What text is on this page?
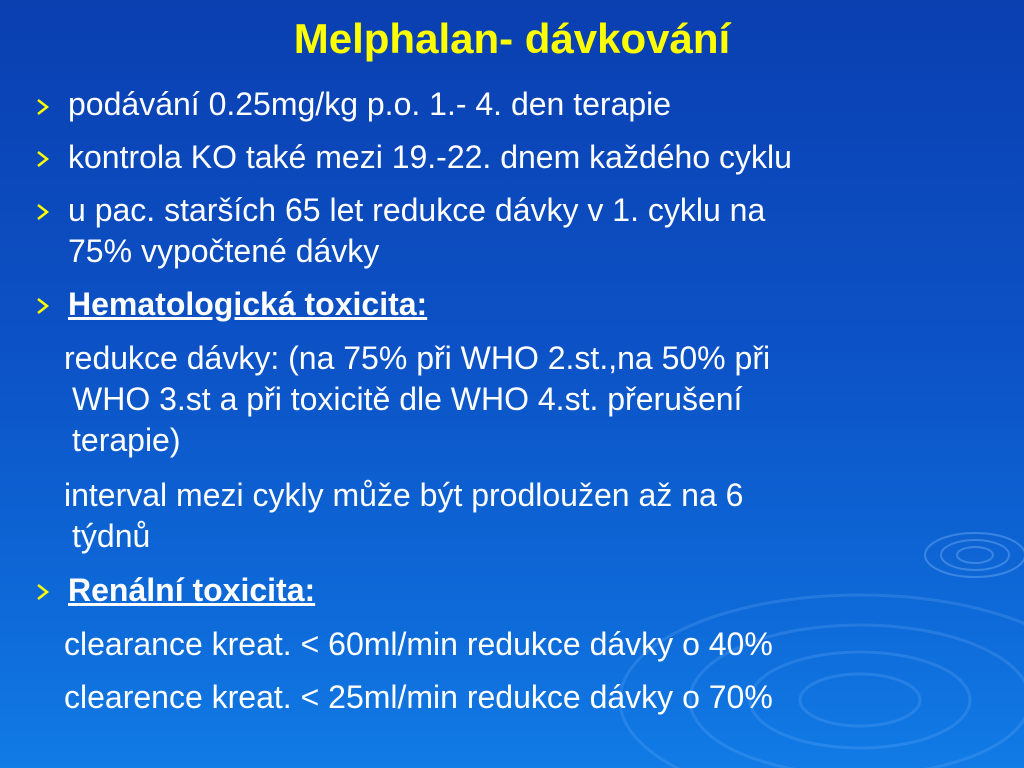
Melphalan- dávkování
podávání 0.25mg/kg p.o. 1.- 4. den terapie
kontrola KO také mezi 19.-22. dnem každého cyklu
u pac. starších 65 let redukce dávky v 1. cyklu na
75% vypočtené dávky
Hematologická toxicita:
redukce dávky: (na 75% při WHO 2.st.,na 50% při
WHO 3.st a při toxicitě dle WHO 4.st. přerušení
terapie)
interval mezi cykly může být prodloužen až na 6
týdnů
Renální toxicita:
clearance kreat. < 60ml/min redukce dávky o 40%
clearence kreat. < 25ml/min redukce dávky o 70%
